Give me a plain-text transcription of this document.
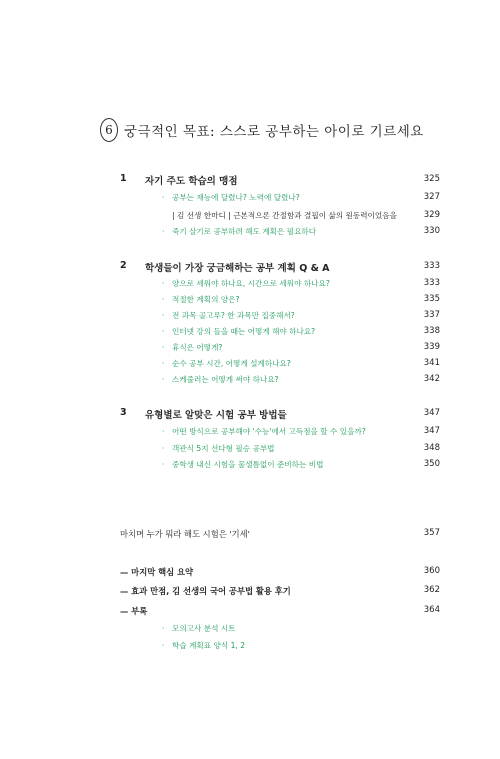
6 궁극적인 목표: 스스로 공부하는 아이로 기르세요
1 자기 주도 학습의 맹점	325
· 공부는 재능에 달렸나? 노력에 달렸나?	327
| 김 선생 한마디 | 근본적으론 간절함과 결핍이 삶의 원동력이었음을	329
· 죽기 살기로 공부하려 해도 계획은 필요하다	330
2 학생들이 가장 궁금해하는 공부 계획 Q & A	333
· 양으로 세워야 하나요, 시간으로 세워야 하나요?	333
· 적절한 계획의 양은?	335
· 전 과목 골고루? 한 과목만 집중해서?	337
· 인터넷 강의 들을 때는 어떻게 해야 하나요?	338
· 휴식은 어떻게?	339
· 순수 공부 시간, 어떻게 설계하나요?	341
· 스케줄러는 어떻게 써야 하나요?	342
3 유형별로 알맞은 시험 공부 방법들	347
· 어떤 방식으로 공부해야 '수능'에서 고득점을 할 수 있을까?	347
· 객관식 5지 선다형 필승 공부법	348
· 중학생 내신 시험을 물샐틈없이 준비하는 비법	350
마치며 누가 뭐라 해도 시험은 '기세'	357
— 마지막 핵심 요약	360
— 효과 만점, 김 선생의 국어 공부법 활용 후기	362
— 부록	364
· 모의고사 분석 시트
· 학습 계획표 양식 1, 2
